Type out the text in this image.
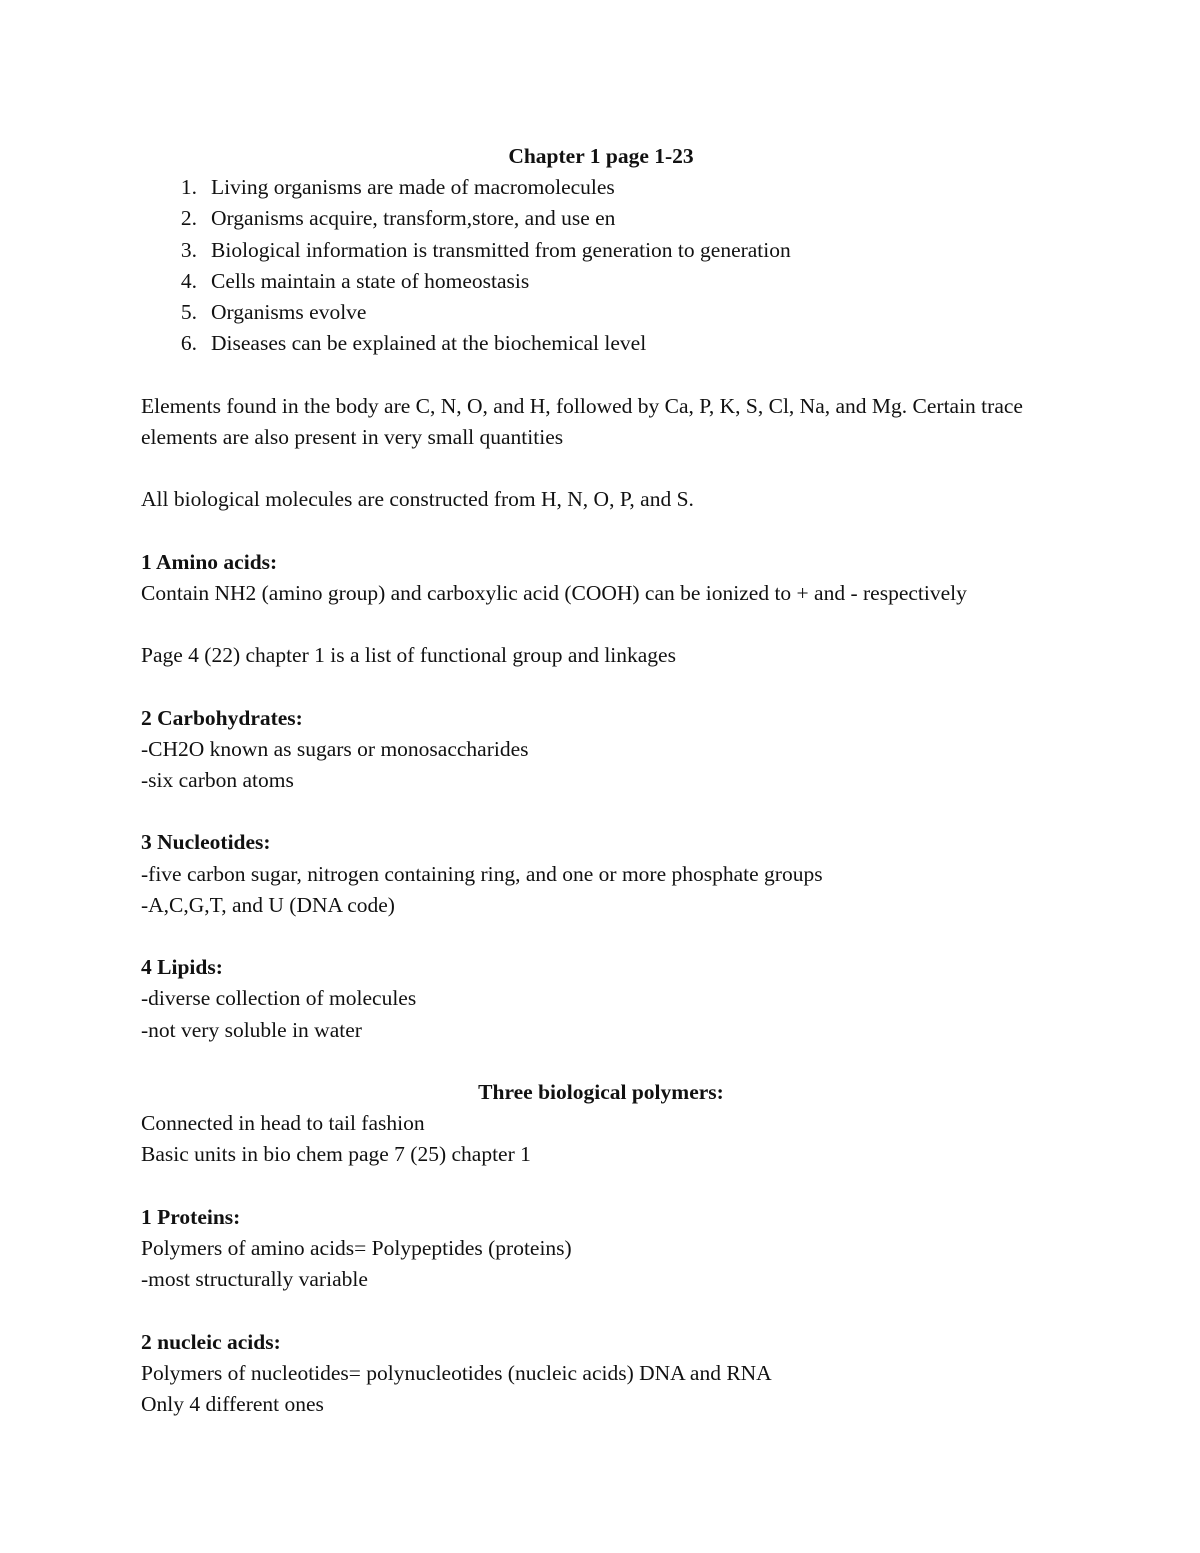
Chapter 1 page 1-23

1. Living organisms are made of macromolecules
2. Organisms acquire, transform,store, and use en
3. Biological information is transmitted from generation to generation
4. Cells maintain a state of homeostasis
5. Organisms evolve
6. Diseases can be explained at the biochemical level

Elements found in the body are C, N, O, and H, followed by Ca, P, K, S, Cl, Na, and Mg. Certain trace elements are also present in very small quantities

All biological molecules are constructed from H, N, O, P, and S.

1 Amino acids:

Contain NH2 (amino group) and carboxylic acid (COOH) can be ionized to + and - respectively

Page 4 (22) chapter 1 is a list of functional group and linkages

2 Carbohydrates:

-CH2O known as sugars or monosaccharides

-six carbon atoms

3 Nucleotides:

-five carbon sugar, nitrogen containing ring, and one or more phosphate groups

-A,C,G,T, and U (DNA code)

4 Lipids:

-diverse collection of molecules

-not very soluble in water

Three biological polymers:

Connected in head to tail fashion

Basic units in bio chem page 7 (25) chapter 1

1 Proteins:

Polymers of amino acids= Polypeptides (proteins)

-most structurally variable

2 nucleic acids:

Polymers of nucleotides= polynucleotides (nucleic acids) DNA and RNA

Only 4 different ones
